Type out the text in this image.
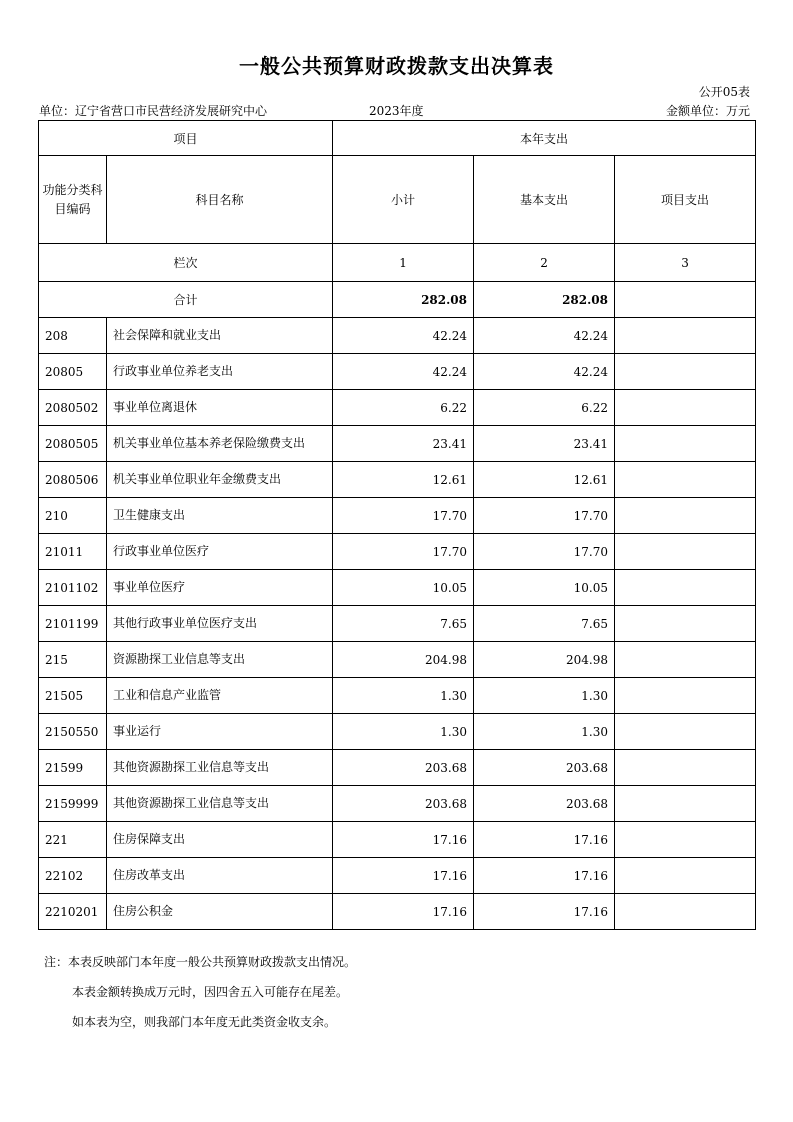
一般公共预算财政拨款支出决算表
公开05表
单位：辽宁省营口市民营经济发展研究中心	2023年度	金额单位：万元
项目		本年支出		
功能分类科目编码	科目名称	小计	基本支出	项目支出
栏次		1	2	3
合计		282.08	282.08	
208	社会保障和就业支出	42.24	42.24	
20805	行政事业单位养老支出	42.24	42.24	
2080502	事业单位离退休	6.22	6.22	
2080505	机关事业单位基本养老保险缴费支出	23.41	23.41	
2080506	机关事业单位职业年金缴费支出	12.61	12.61	
210	卫生健康支出	17.70	17.70	
21011	行政事业单位医疗	17.70	17.70	
2101102	事业单位医疗	10.05	10.05	
2101199	其他行政事业单位医疗支出	7.65	7.65	
215	资源勘探工业信息等支出	204.98	204.98	
21505	工业和信息产业监管	1.30	1.30	
2150550	事业运行	1.30	1.30	
21599	其他资源勘探工业信息等支出	203.68	203.68	
2159999	其他资源勘探工业信息等支出	203.68	203.68	
221	住房保障支出	17.16	17.16	
22102	住房改革支出	17.16	17.16	
2210201	住房公积金	17.16	17.16	
注：本表反映部门本年度一般公共预算财政拨款支出情况。
本表金额转换成万元时，因四舍五入可能存在尾差。
如本表为空，则我部门本年度无此类资金收支余。
